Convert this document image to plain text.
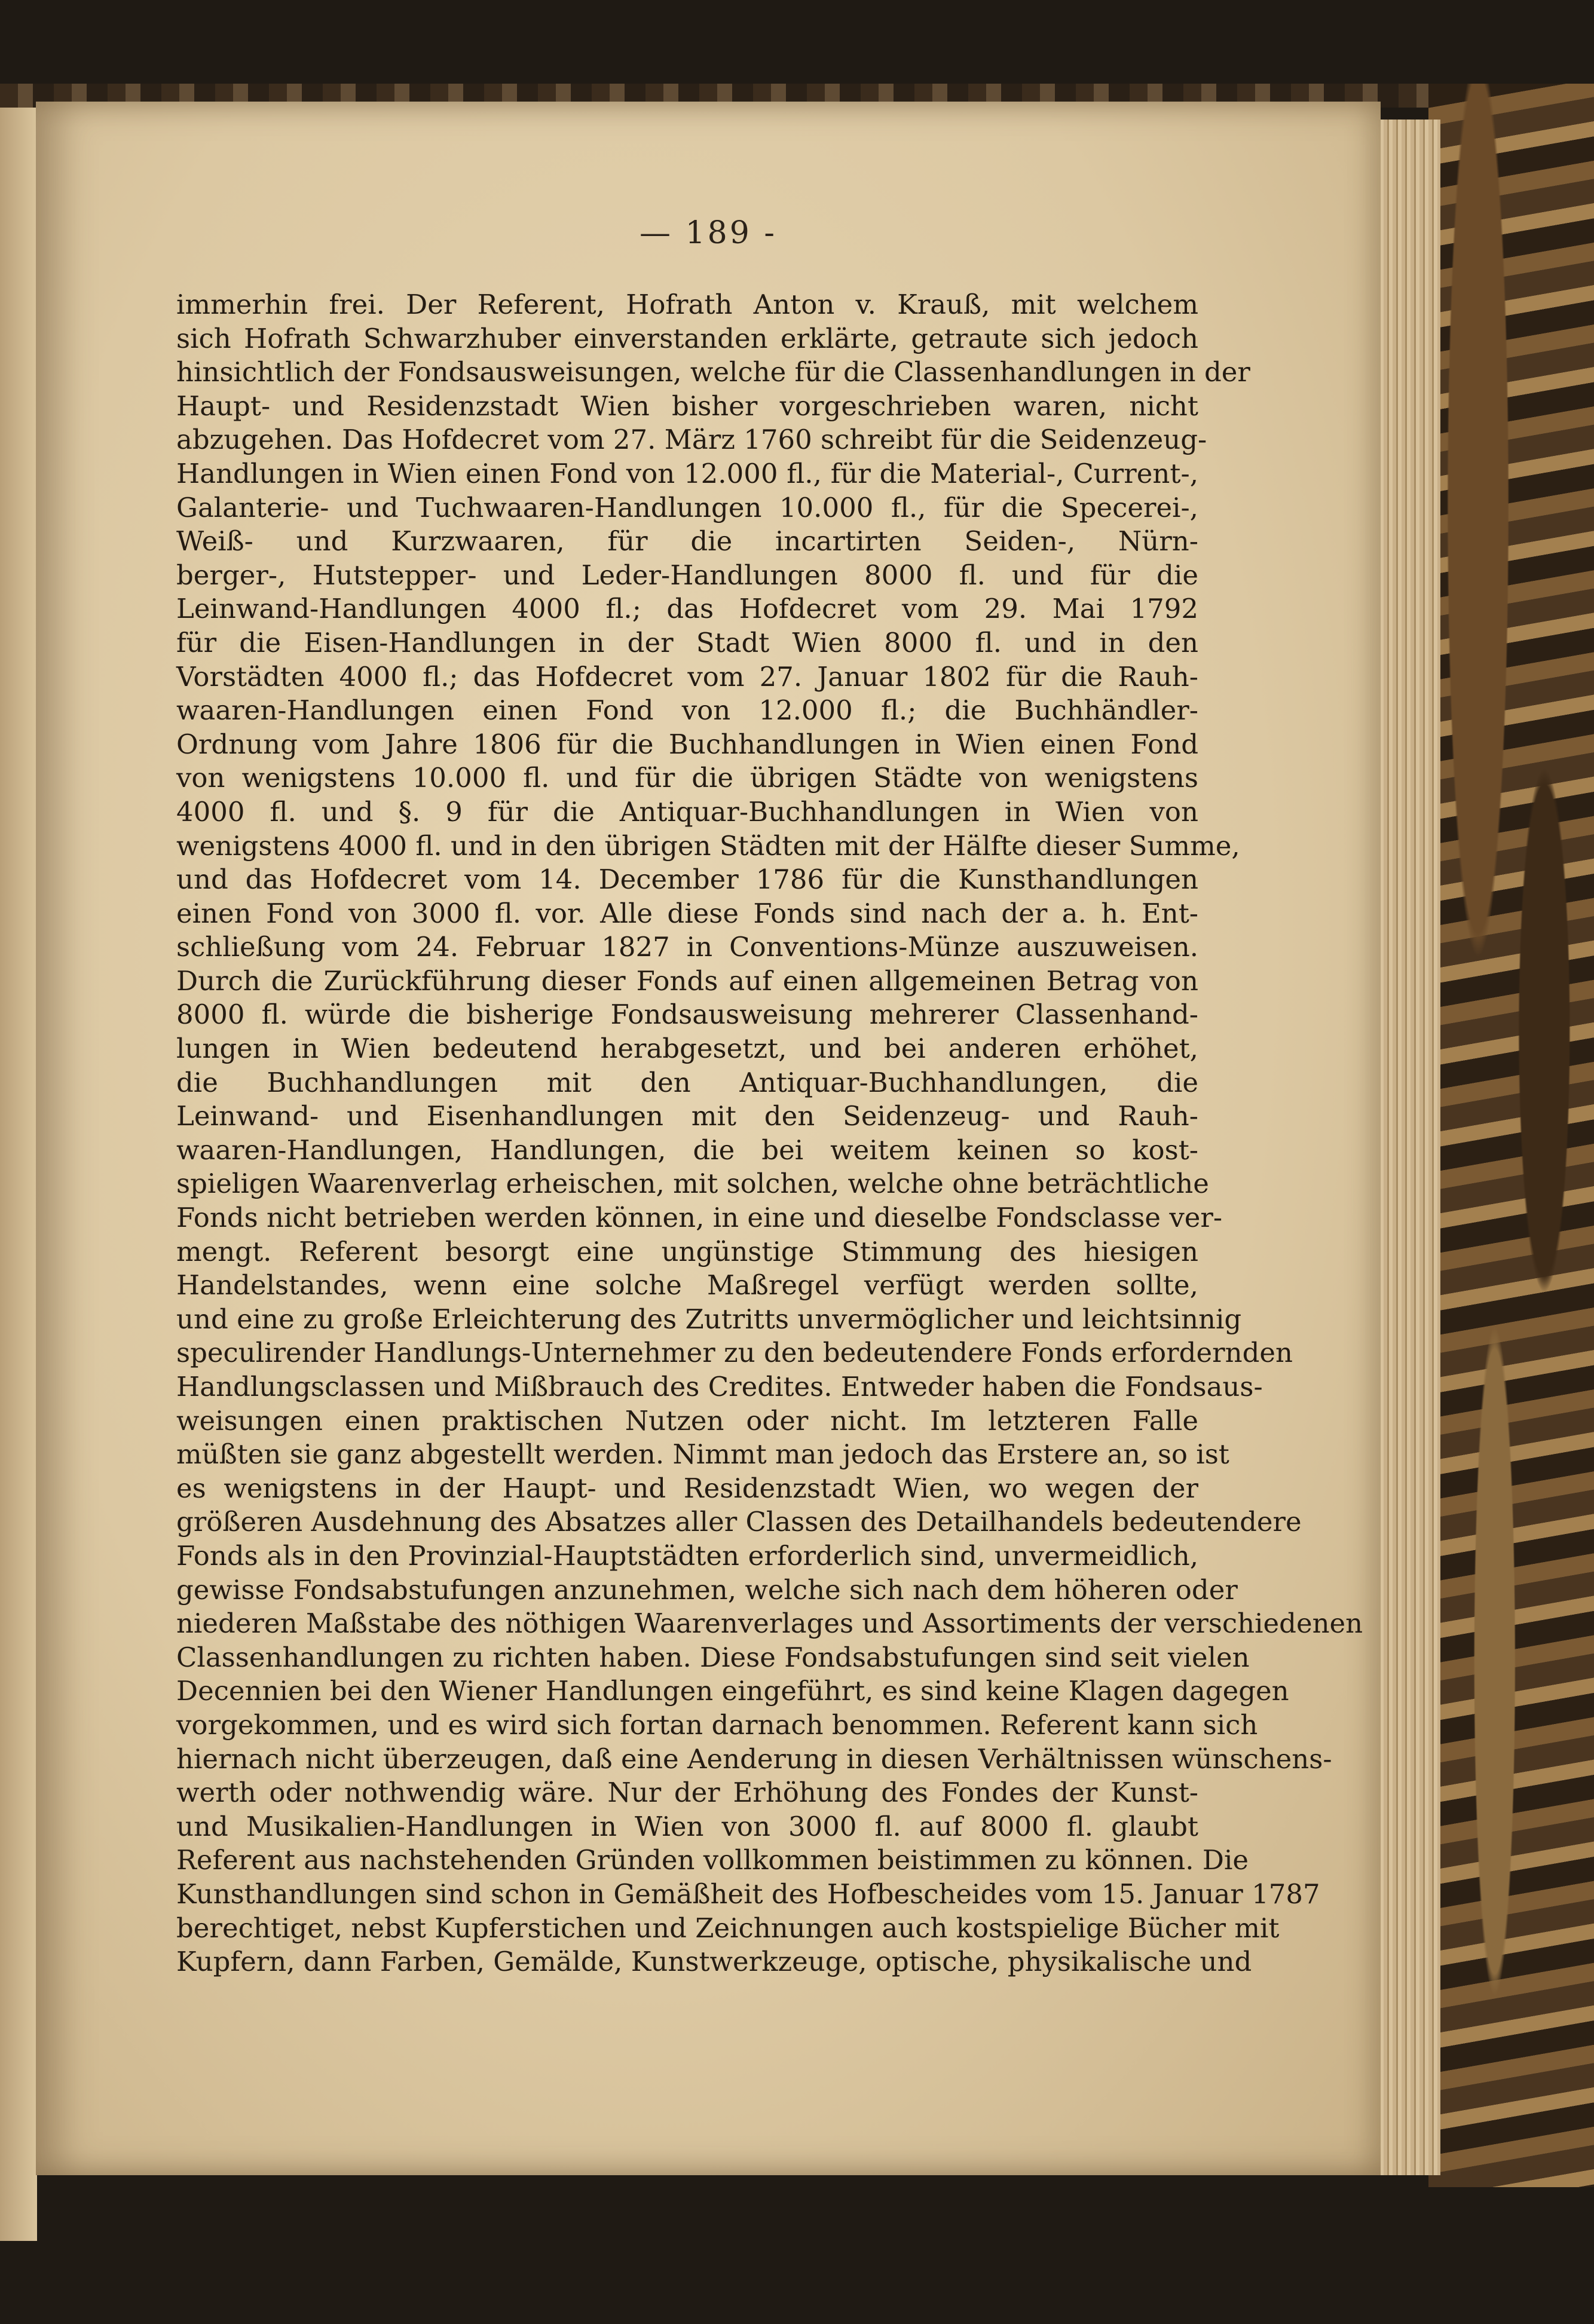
— 189 -
immerhin frei. Der Referent, Hofrath Anton v. Krauß, mit welchem
sich Hofrath Schwarzhuber einverstanden erklärte, getraute sich jedoch
hinsichtlich der Fondsausweisungen, welche für die Classenhandlungen in der
Haupt- und Residenzstadt Wien bisher vorgeschrieben waren, nicht
abzugehen. Das Hofdecret vom 27. März 1760 schreibt für die Seidenzeug-
Handlungen in Wien einen Fond von 12.000 fl., für die Material-, Current-,
Galanterie- und Tuchwaaren-Handlungen 10.000 fl., für die Specerei-,
Weiß- und Kurzwaaren, für die incartirten Seiden-, Nürn-
berger-, Hutstepper- und Leder-Handlungen 8000 fl. und für die
Leinwand-Handlungen 4000 fl.; das Hofdecret vom 29. Mai 1792
für die Eisen-Handlungen in der Stadt Wien 8000 fl. und in den
Vorstädten 4000 fl.; das Hofdecret vom 27. Januar 1802 für die Rauh-
waaren-Handlungen einen Fond von 12.000 fl.; die Buchhändler-
Ordnung vom Jahre 1806 für die Buchhandlungen in Wien einen Fond
von wenigstens 10.000 fl. und für die übrigen Städte von wenigstens
4000 fl. und §. 9 für die Antiquar-Buchhandlungen in Wien von
wenigstens 4000 fl. und in den übrigen Städten mit der Hälfte dieser Summe,
und das Hofdecret vom 14. December 1786 für die Kunsthandlungen
einen Fond von 3000 fl. vor. Alle diese Fonds sind nach der a. h. Ent-
schließung vom 24. Februar 1827 in Conventions-Münze auszuweisen.
Durch die Zurückführung dieser Fonds auf einen allgemeinen Betrag von
8000 fl. würde die bisherige Fondsausweisung mehrerer Classenhand-
lungen in Wien bedeutend herabgesetzt, und bei anderen erhöhet,
die Buchhandlungen mit den Antiquar-Buchhandlungen, die
Leinwand- und Eisenhandlungen mit den Seidenzeug- und Rauh-
waaren-Handlungen, Handlungen, die bei weitem keinen so kost-
spieligen Waarenverlag erheischen, mit solchen, welche ohne beträchtliche
Fonds nicht betrieben werden können, in eine und dieselbe Fondsclasse ver-
mengt. Referent besorgt eine ungünstige Stimmung des hiesigen
Handelstandes, wenn eine solche Maßregel verfügt werden sollte,
und eine zu große Erleichterung des Zutritts unvermöglicher und leichtsinnig
speculirender Handlungs-Unternehmer zu den bedeutendere Fonds erfordernden
Handlungsclassen und Mißbrauch des Credites. Entweder haben die Fondsaus-
weisungen einen praktischen Nutzen oder nicht. Im letzteren Falle
müßten sie ganz abgestellt werden. Nimmt man jedoch das Erstere an, so ist
es wenigstens in der Haupt- und Residenzstadt Wien, wo wegen der
größeren Ausdehnung des Absatzes aller Classen des Detailhandels bedeutendere
Fonds als in den Provinzial-Hauptstädten erforderlich sind, unvermeidlich,
gewisse Fondsabstufungen anzunehmen, welche sich nach dem höheren oder
niederen Maßstabe des nöthigen Waarenverlages und Assortiments der verschiedenen
Classenhandlungen zu richten haben. Diese Fondsabstufungen sind seit vielen
Decennien bei den Wiener Handlungen eingeführt, es sind keine Klagen dagegen
vorgekommen, und es wird sich fortan darnach benommen. Referent kann sich
hiernach nicht überzeugen, daß eine Aenderung in diesen Verhältnissen wünschens-
werth oder nothwendig wäre. Nur der Erhöhung des Fondes der Kunst-
und Musikalien-Handlungen in Wien von 3000 fl. auf 8000 fl. glaubt
Referent aus nachstehenden Gründen vollkommen beistimmen zu können. Die
Kunsthandlungen sind schon in Gemäßheit des Hofbescheides vom 15. Januar 1787
berechtiget, nebst Kupferstichen und Zeichnungen auch kostspielige Bücher mit
Kupfern, dann Farben, Gemälde, Kunstwerkzeuge, optische, physikalische und
